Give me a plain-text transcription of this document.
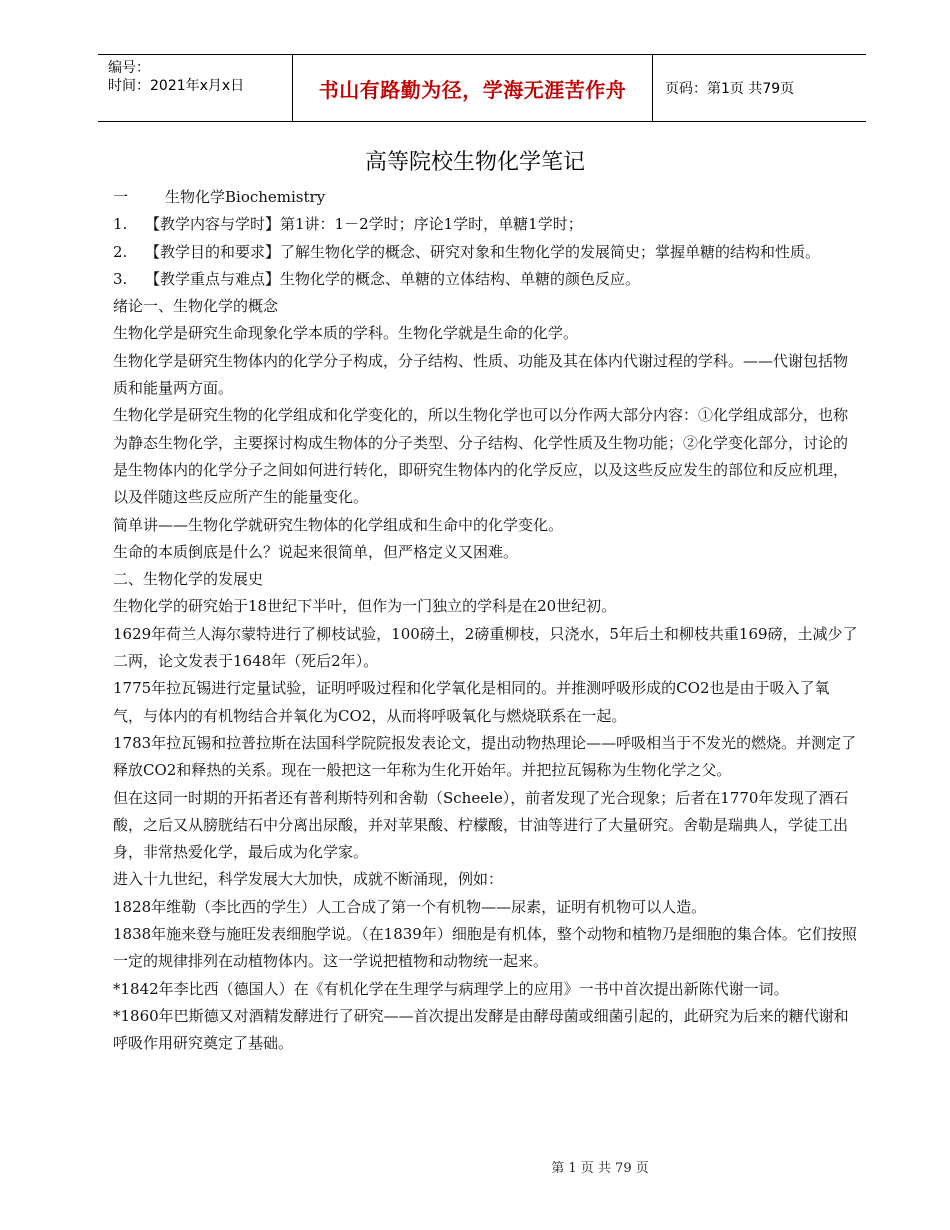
编号：
时间：2021年x月x日	书山有路勤为径，学海无涯苦作舟	页码：第1页 共79页
高等院校生物化学笔记
一	生物化学Biochemistry
1.	【教学内容与学时】第1讲：1－2学时；序论1学时，单糖1学时；
2.	【教学目的和要求】了解生物化学的概念、研究对象和生物化学的发展简史；掌握单糖的结构和性质。
3.	【教学重点与难点】生物化学的概念、单糖的立体结构、单糖的颜色反应。

绪论一、生物化学的概念

生物化学是研究生命现象化学本质的学科。生物化学就是生命的化学。

生物化学是研究生物体内的化学分子构成，分子结构、性质、功能及其在体内代谢过程的学科。——代谢包括物质和能量两方面。

生物化学是研究生物的化学组成和化学变化的，所以生物化学也可以分作两大部分内容：①化学组成部分，也称为静态生物化学，主要探讨构成生物体的分子类型、分子结构、化学性质及生物功能；②化学变化部分，讨论的是生物体内的化学分子之间如何进行转化，即研究生物体内的化学反应，以及这些反应发生的部位和反应机理，以及伴随这些反应所产生的能量变化。

简单讲——生物化学就研究生物体的化学组成和生命中的化学变化。

生命的本质倒底是什么？说起来很简单，但严格定义又困难。

二、生物化学的发展史

生物化学的研究始于18世纪下半叶，但作为一门独立的学科是在20世纪初。

1629年荷兰人海尔蒙特进行了柳枝试验，100磅土，2磅重柳枝，只浇水，5年后土和柳枝共重169磅，土减少了二两，论文发表于1648年（死后2年）。

1775年拉瓦锡进行定量试验，证明呼吸过程和化学氧化是相同的。并推测呼吸形成的CO2也是由于吸入了氧气，与体内的有机物结合并氧化为CO2，从而将呼吸氧化与燃烧联系在一起。

1783年拉瓦锡和拉普拉斯在法国科学院院报发表论文，提出动物热理论——呼吸相当于不发光的燃烧。并测定了释放CO2和释热的关系。现在一般把这一年称为生化开始年。并把拉瓦锡称为生物化学之父。

但在这同一时期的开拓者还有普利斯特列和舍勒（Scheele），前者发现了光合现象；后者在1770年发现了酒石酸，之后又从膀胱结石中分离出尿酸，并对苹果酸、柠檬酸，甘油等进行了大量研究。舍勒是瑞典人，学徒工出身，非常热爱化学，最后成为化学家。

进入十九世纪，科学发展大大加快，成就不断涌现，例如：

1828年维勒（李比西的学生）人工合成了第一个有机物——尿素，证明有机物可以人造。

1838年施来登与施旺发表细胞学说。（在1839年）细胞是有机体，整个动物和植物乃是细胞的集合体。它们按照一定的规律排列在动植物体内。这一学说把植物和动物统一起来。

*1842年李比西（德国人）在《有机化学在生理学与病理学上的应用》一书中首次提出新陈代谢一词。

*1860年巴斯德又对酒精发酵进行了研究——首次提出发酵是由酵母菌或细菌引起的，此研究为后来的糖代谢和呼吸作用研究奠定了基础。

第 1 页 共 79 页
